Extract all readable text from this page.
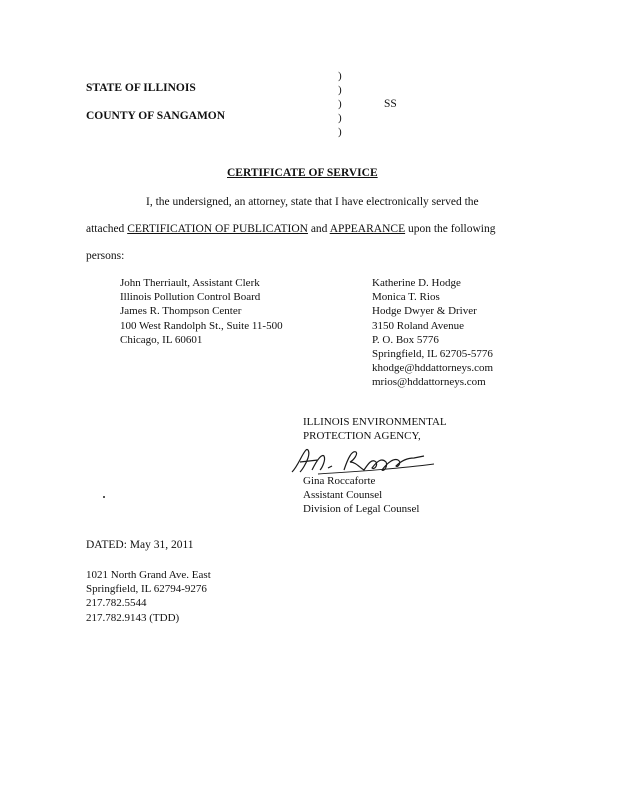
STATE OF ILLINOIS
COUNTY OF SANGAMON
SS
)
)
)
)
)
CERTIFICATE OF SERVICE
I, the undersigned, an attorney, state that I have electronically served the
attached CERTIFICATION OF PUBLICATION and APPEARANCE upon the following
persons:
John Therriault, Assistant Clerk
Illinois Pollution Control Board
James R. Thompson Center
100 West Randolph St., Suite 11-500
Chicago, IL 60601
Katherine D. Hodge
Monica T. Rios
Hodge Dwyer & Driver
3150 Roland Avenue
P. O. Box 5776
Springfield, IL 62705-5776
khodge@hddattorneys.com
mrios@hddattorneys.com
ILLINOIS ENVIRONMENTAL
PROTECTION AGENCY,
Gina Roccaforte
Assistant Counsel
Division of Legal Counsel
DATED: May 31, 2011
1021 North Grand Ave. East
Springfield, IL 62794-9276
217.782.5544
217.782.9143 (TDD)
